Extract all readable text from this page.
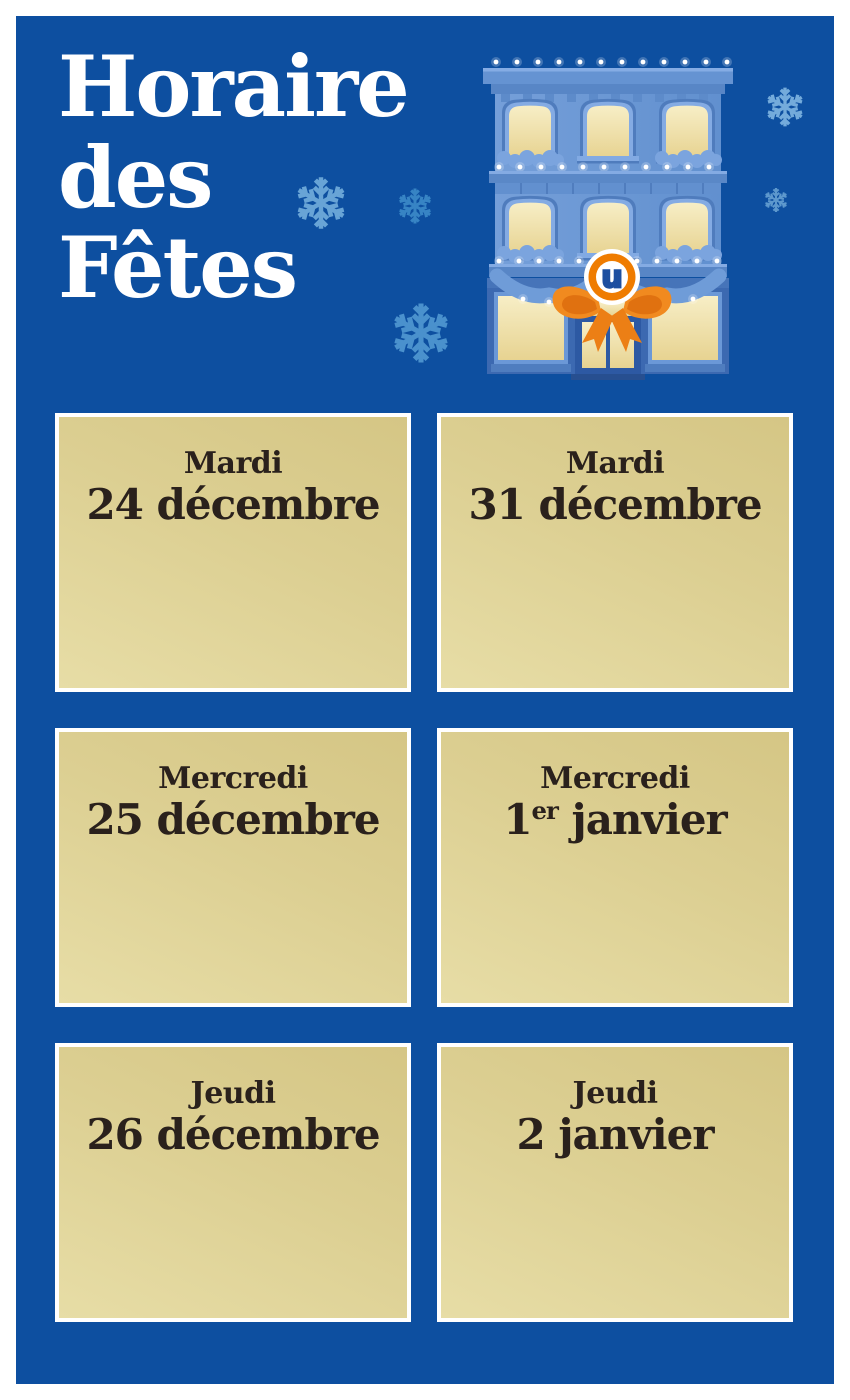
Horaire
des
Fêtes	u
Mardi
24 décembre
Mardi
31 décembre
Mercredi
25 décembre
Mercredi
1er janvier
Jeudi
26 décembre
Jeudi
2 janvier
